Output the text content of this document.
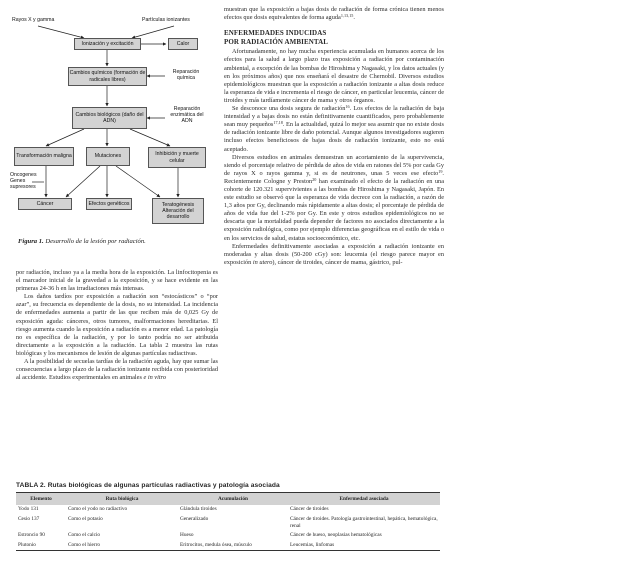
Rayos X y gamma	Partículas ionizantes
Ionización y excitación	Calor
Cambios químicos (formación de radicales libres)
Reparación química
Cambios biológicos (daño del ADN)
Reparación enzimática del ADN
Transformación maligna	Mutaciones	Inhibición y muerte celular
Oncogenes Genes supresores
Cáncer	Efectos genéticos	Teratogénesis Alteración del desarrollo
Figura 1. Desarrollo de la lesión por radiación.

por radiación, incluso ya a la media hora de la exposición. La linfocitopenia es el marcador inicial de la gravedad a la exposición, y se hace evidente en las primeras 24-36 h en las irradiaciones más intensas.

Los daños tardíos por exposición a radiación son “estocásticos” o “por azar”, su frecuencia es dependiente de la dosis, no su intensidad. La incidencia de enfermedades aumenta a partir de las que reciben más de 0,025 Gy de exposición aguda: cánceres, otros tumores, malformaciones hereditarias. El riesgo aumenta cuando la exposición a radiación es a menor edad. La patología no es específica de la radiación, y por lo tanto podría no ser atribuida directamente a la exposición a la radiación. La tabla 2 muestra las rutas biológicas y los mecanismos de lesión de algunas partículas radiactivas.

A la posibilidad de secuelas tardías de la radiación aguda, hay que sumar las consecuencias a largo plazo de la radiación ionizante recibida con posterioridad al accidente. Estudios experimentales en animales e in vitro

muestran que la exposición a bajas dosis de radiación de forma crónica tienen menos efectos que dosis equivalentes de forma aguda$^{1,13,15}$.

ENFERMEDADES INDUCIDAS
POR RADIACIÓN AMBIENTAL

Afortunadamente, no hay mucha experiencia acumulada en humanos acerca de los efectos para la salud a largo plazo tras exposición a radiación por contaminación ambiental, a excepción de las bombas de Hiroshima y Nagasaki, y los datos actuales (y en los próximos años) que nos enseñará el desastre de Chernobil. Diversos estudios epidemiológicos muestran que la exposición a radiación ionizante a altas dosis reduce la esperanza de vida e incrementa el riesgo de cáncer, en particular leucemia, cáncer de tiroides y más tardíamente cáncer de mama y otros órganos.

Se desconoce una dosis segura de radiación$^{16}$. Los efectos de la radiación de baja intensidad y a bajas dosis no están definitivamente cuantificados, pero probablemente sean muy pequeños$^{17,18}$. En la actualidad, quizá lo mejor sea asumir que no existe dosis de radiación ionizante libre de daño potencial. Aunque algunos investigadores sugieren incluso efectos beneficiosos de bajas dosis de radiación ionizante, esto no está aceptado.

Diversos estudios en animales demuestran un acortamiento de la supervivencia, siendo el porcentaje relativo de pérdida de años de vida en ratones del 5% por cada Gy de rayos X o rayos gamma y, si es de neutrones, unas 5 veces ese efecto$^{19}$. Recientemente Cologne y Preston$^{20}$ han examinado el efecto de la radiación en una cohorte de 120.321 supervivientes a las bombas de Hiroshima y Nagasaki, Japón. En este estudio se observó que la esperanza de vida decrece con la radiación, a razón de 1,3 años por Gy, declinando más rápidamente a altas dosis; el porcentaje de pérdida de años de vida fue del 1-2% por Gy. En este y otros estudios epidemiológicos no se descarta que la mortalidad pueda depender de factores no asociados directamente a la exposición radiológica, como por ejemplo diferencias geográficas en el estilo de vida o en los servicios de salud, estatus socioeconómico, etc.

Enfermedades definitivamente asociadas a exposición a radiación ionizante en moderadas y altas dosis (50-200 cGy) son: leucemia (el riesgo parece mayor en exposición in utero), cáncer de tiroides, cáncer de mama, gástrico, pul-

TABLA 2. Rutas biológicas de algunas partículas radiactivas y patología asociada
Elemento	Ruta biológica	Acumulación	Enfermedad asociada
Yodo 131	Como el yodo no radiactivo	Glándula tiroides	Cáncer de tiroides
Cesio 137	Como el potasio	Generalizado	Cáncer de tiroides. Patología gastrointestinal, hepática, hematológica, renal
Estroncio 90	Como el calcio	Hueso	Cáncer de hueso, neoplasias hematológicas
Plutonio	Como el hierro	Eritrocitos, medula ósea, músculo	Leucemias, linfomas
